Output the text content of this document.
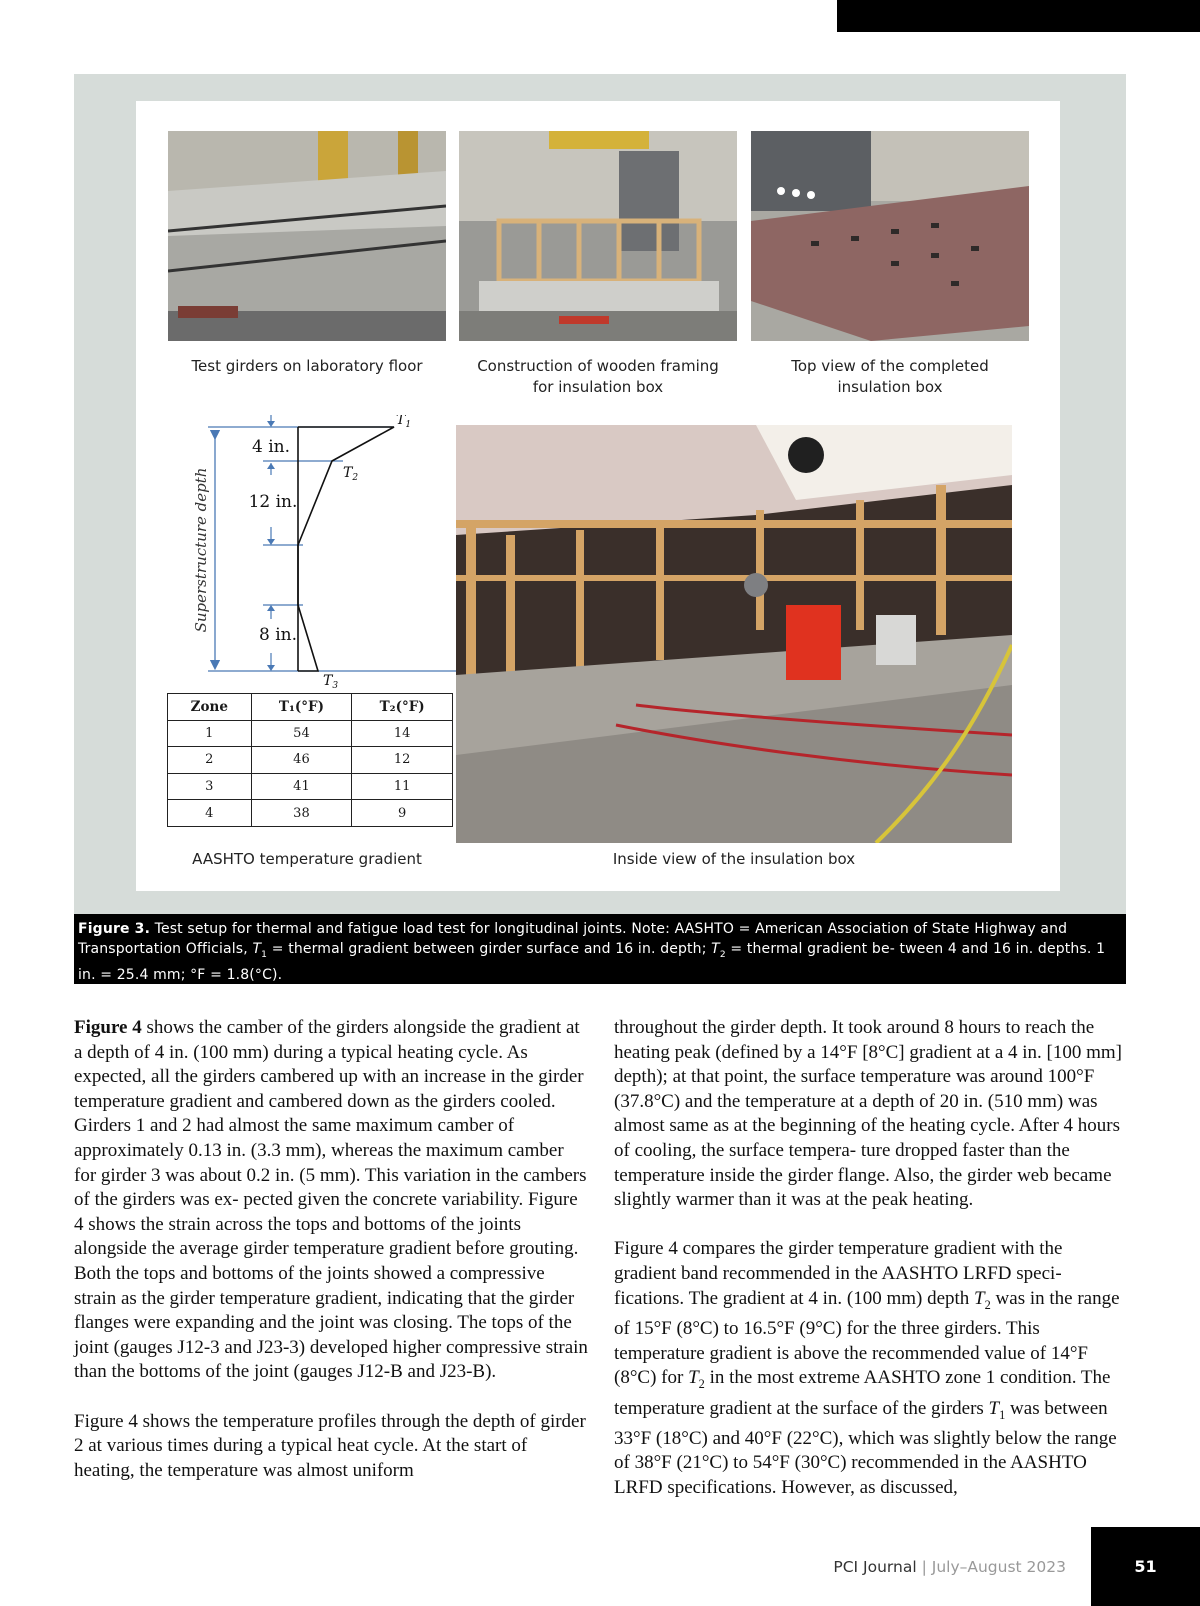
Test girders on laboratory floor	Construction of wooden framing
for insulation box
Top view of the completed
insulation box
Superstructure depth
4 in.
12 in.
8 in.
$T_1$
$T_2$
$T_3$
Zone	T₁(°F)	T₂(°F)
1	54	14
2	46	12
3	41	11
4	38	9
AASHTO temperature gradient	Inside view of the insulation box
Figure 3. Test setup for thermal and fatigue load test for longitudinal joints. Note: AASHTO = American Association of State Highway and Transportation Officials, $T_1$ = thermal gradient between girder surface and 16 in. depth; $T_2$ = thermal gradient be- tween 4 and 16 in. depths. 1 in. = 25.4 mm; °F = 1.8(°C).

Figure 4 shows the camber of the girders alongside the gradient at a depth of 4 in. (100 mm) during a typical heating cycle. As expected, all the girders cambered up with an increase in the girder temperature gradient and cambered down as the girders cooled. Girders 1 and 2 had almost the same maximum camber of approximately 0.13 in. (3.3 mm), whereas the maximum camber for girder 3 was about 0.2 in. (5 mm). This variation in the cambers of the girders was ex- pected given the concrete variability. Figure 4 shows the strain across the tops and bottoms of the joints alongside the average girder temperature gradient before grouting. Both the tops and bottoms of the joints showed a compressive strain as the girder temperature gradient, indicating that the girder flanges were expanding and the joint was closing. The tops of the joint (gauges J12-3 and J23-3) developed higher compressive strain than the bottoms of the joint (gauges J12-B and J23-B).

Figure 4 shows the temperature profiles through the depth of girder 2 at various times during a typical heat cycle. At the start of heating, the temperature was almost uniform

throughout the girder depth. It took around 8 hours to reach the heating peak (defined by a 14°F [8°C] gradient at a 4 in. [100 mm] depth); at that point, the surface temperature was around 100°F (37.8°C) and the temperature at a depth of 20 in. (510 mm) was almost same as at the beginning of the heating cycle. After 4 hours of cooling, the surface tempera- ture dropped faster than the temperature inside the girder flange. Also, the girder web became slightly warmer than it was at the peak heating.

Figure 4 compares the girder temperature gradient with the gradient band recommended in the AASHTO LRFD speci- fications. The gradient at 4 in. (100 mm) depth $T_2$ was in the range of 15°F (8°C) to 16.5°F (9°C) for the three girders. This temperature gradient is above the recommended value of 14°F (8°C) for $T_2$ in the most extreme AASHTO zone 1 condition. The temperature gradient at the surface of the girders $T_1$ was between 33°F (18°C) and 40°F (22°C), which was slightly below the range of 38°F (21°C) to 54°F (30°C) recommended in the AASHTO LRFD specifications. However, as discussed,

PCI Journal | July–August 2023	51
